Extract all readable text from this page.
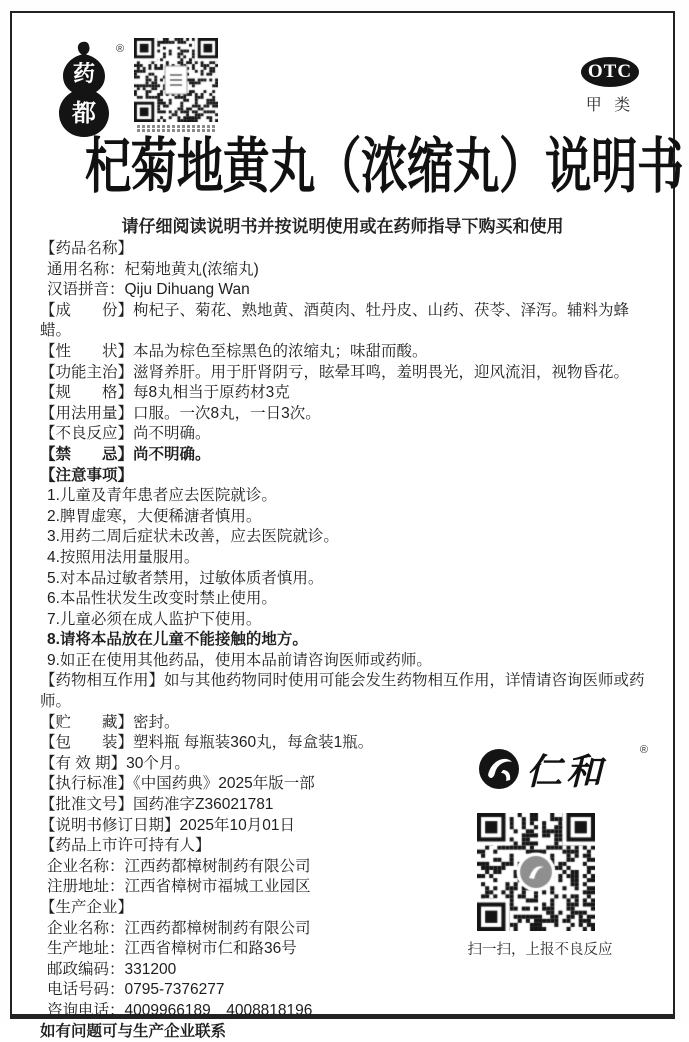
药
都
®
OTC
甲 类
杞菊地黄丸（浓缩丸）说明书
请仔细阅读说明书并按说明使用或在药师指导下购买和使用
【药品名称】
通用名称：杞菊地黄丸(浓缩丸)
汉语拼音：Qiju Dihuang Wan
【成　　份】枸杞子、菊花、熟地黄、酒萸肉、牡丹皮、山药、茯苓、泽泻。辅料为蜂蜡。
【性　　状】本品为棕色至棕黑色的浓缩丸；味甜而酸。
【功能主治】滋肾养肝。用于肝肾阴亏，眩晕耳鸣，羞明畏光，迎风流泪，视物昏花。
【规　　格】每8丸相当于原药材3克
【用法用量】口服。一次8丸，一日3次。
【不良反应】尚不明确。
【禁　　忌】尚不明确。
【注意事项】
1.儿童及青年患者应去医院就诊。
2.脾胃虚寒，大便稀溏者慎用。
3.用药二周后症状未改善，应去医院就诊。
4.按照用法用量服用。
5.对本品过敏者禁用，过敏体质者慎用。
6.本品性状发生改变时禁止使用。
7.儿童必须在成人监护下使用。
8.请将本品放在儿童不能接触的地方。
9.如正在使用其他药品，使用本品前请咨询医师或药师。
【药物相互作用】如与其他药物同时使用可能会发生药物相互作用，详情请咨询医师或药师。
【贮　　藏】密封。
【包　　装】塑料瓶 每瓶装360丸，每盒装1瓶。
【有 效 期】30个月。
【执行标准】《中国药典》2025年版一部
【批准文号】国药准字Z36021781
【说明书修订日期】2025年10月01日
【药品上市许可持有人】
企业名称：江西药都樟树制药有限公司
注册地址：江西省樟树市福城工业园区
【生产企业】
企业名称：江西药都樟树制药有限公司
生产地址：江西省樟树市仁和路36号
邮政编码：331200
电话号码：0795-7376277
咨询电话：4009966189　4008818196
如有问题可与生产企业联系
仁和
®
扫一扫，上报不良反应
